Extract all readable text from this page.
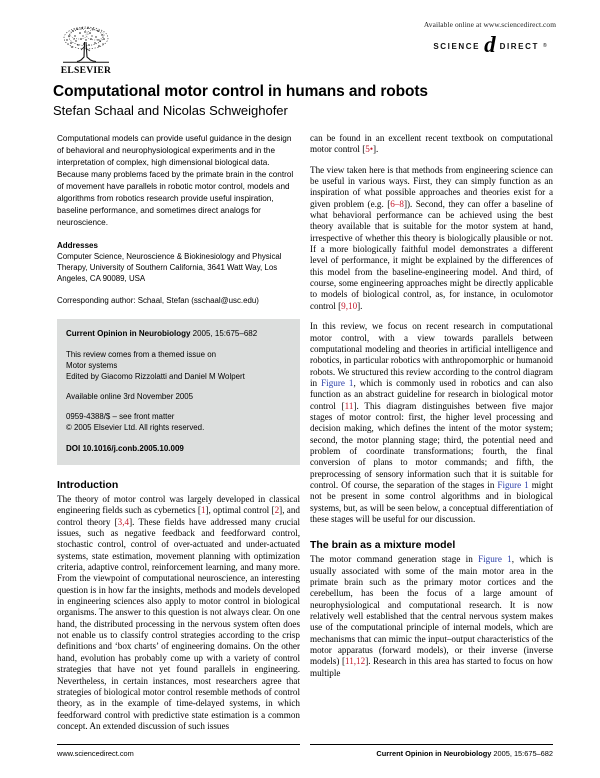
ELSEVIER
Available online at www.sciencedirect.com
SCIENCE d DIRECT ®
Computational motor control in humans and robots

Stefan Schaal and Nicolas Schweighofer

Computational models can provide useful guidance in the design of behavioral and neurophysiological experiments and in the interpretation of complex, high dimensional biological data. Because many problems faced by the primate brain in the control of movement have parallels in robotic motor control, models and algorithms from robotics research provide useful inspiration, baseline performance, and sometimes direct analogs for neuroscience.

Addresses

Computer Science, Neuroscience & Biokinesiology and Physical Therapy, University of Southern California, 3641 Watt Way, Los Angeles, CA 90089, USA

Corresponding author: Schaal, Stefan (sschaal@usc.edu)

Current Opinion in Neurobiology 2005, 15:675–682

This review comes from a themed issue on

Motor systems

Edited by Giacomo Rizzolatti and Daniel M Wolpert

Available online 3rd November 2005

0959-4388/$ – see front matter

© 2005 Elsevier Ltd. All rights reserved.

DOI 10.1016/j.conb.2005.10.009

Introduction

The theory of motor control was largely developed in classical engineering fields such as cybernetics [1], optimal control [2], and control theory [3,4]. These fields have addressed many crucial issues, such as negative feedback and feedforward control, stochastic control, control of over-actuated and under-actuated systems, state estimation, movement planning with optimization criteria, adaptive control, reinforcement learning, and many more. From the viewpoint of computational neuroscience, an interesting question is in how far the insights, methods and models developed in engineering sciences also apply to motor control in biological organisms. The answer to this question is not always clear. On one hand, the distributed processing in the nervous system often does not enable us to classify control strategies according to the crisp definitions and ‘box charts’ of engineering domains. On the other hand, evolution has probably come up with a variety of control strategies that have not yet found parallels in engineering. Nevertheless, in certain instances, most researchers agree that strategies of biological motor control resemble methods of control theory, as in the example of time-delayed systems, in which feedforward control with predictive state estimation is a common concept. An extended discussion of such issues

can be found in an excellent recent textbook on computational motor control [5•].

The view taken here is that methods from engineering science can be useful in various ways. First, they can simply function as an inspiration of what possible approaches and theories exist for a given problem (e.g. [6–8]). Second, they can offer a baseline of what behavioral performance can be achieved using the best theory available that is suitable for the motor system at hand, irrespective of whether this theory is biologically plausible or not. If a more biologically faithful model demonstrates a different level of performance, it might be explained by the differences of this model from the baseline-engineering model. And third, of course, some engineering approaches might be directly applicable to models of biological control, as, for instance, in oculomotor control [9,10].

In this review, we focus on recent research in computational motor control, with a view towards parallels between computational modeling and theories in artificial intelligence and robotics, in particular robotics with anthropomorphic or humanoid robots. We structured this review according to the control diagram in Figure 1, which is commonly used in robotics and can also function as an abstract guideline for research in biological motor control [11]. This diagram distinguishes between five major stages of motor control: first, the higher level processing and decision making, which defines the intent of the motor system; second, the motor planning stage; third, the potential need and problem of coordinate transformations; fourth, the final conversion of plans to motor commands; and fifth, the preprocessing of sensory information such that it is suitable for control. Of course, the separation of the stages in Figure 1 might not be present in some control algorithms and in biological systems, but, as will be seen below, a conceptual differentiation of these stages will be useful for our discussion.

The brain as a mixture model

The motor command generation stage in Figure 1, which is usually associated with some of the main motor area in the primate brain such as the primary motor cortices and the cerebellum, has been the focus of a large amount of neurophysiological and computational research. It is now relatively well established that the central nervous system makes use of the computational principle of internal models, which are mechanisms that can mimic the input–output characteristics of the motor apparatus (forward models), or their inverse (inverse models) [11,12]. Research in this area has started to focus on how multiple

www.sciencedirect.com	Current Opinion in Neurobiology 2005, 15:675–682
